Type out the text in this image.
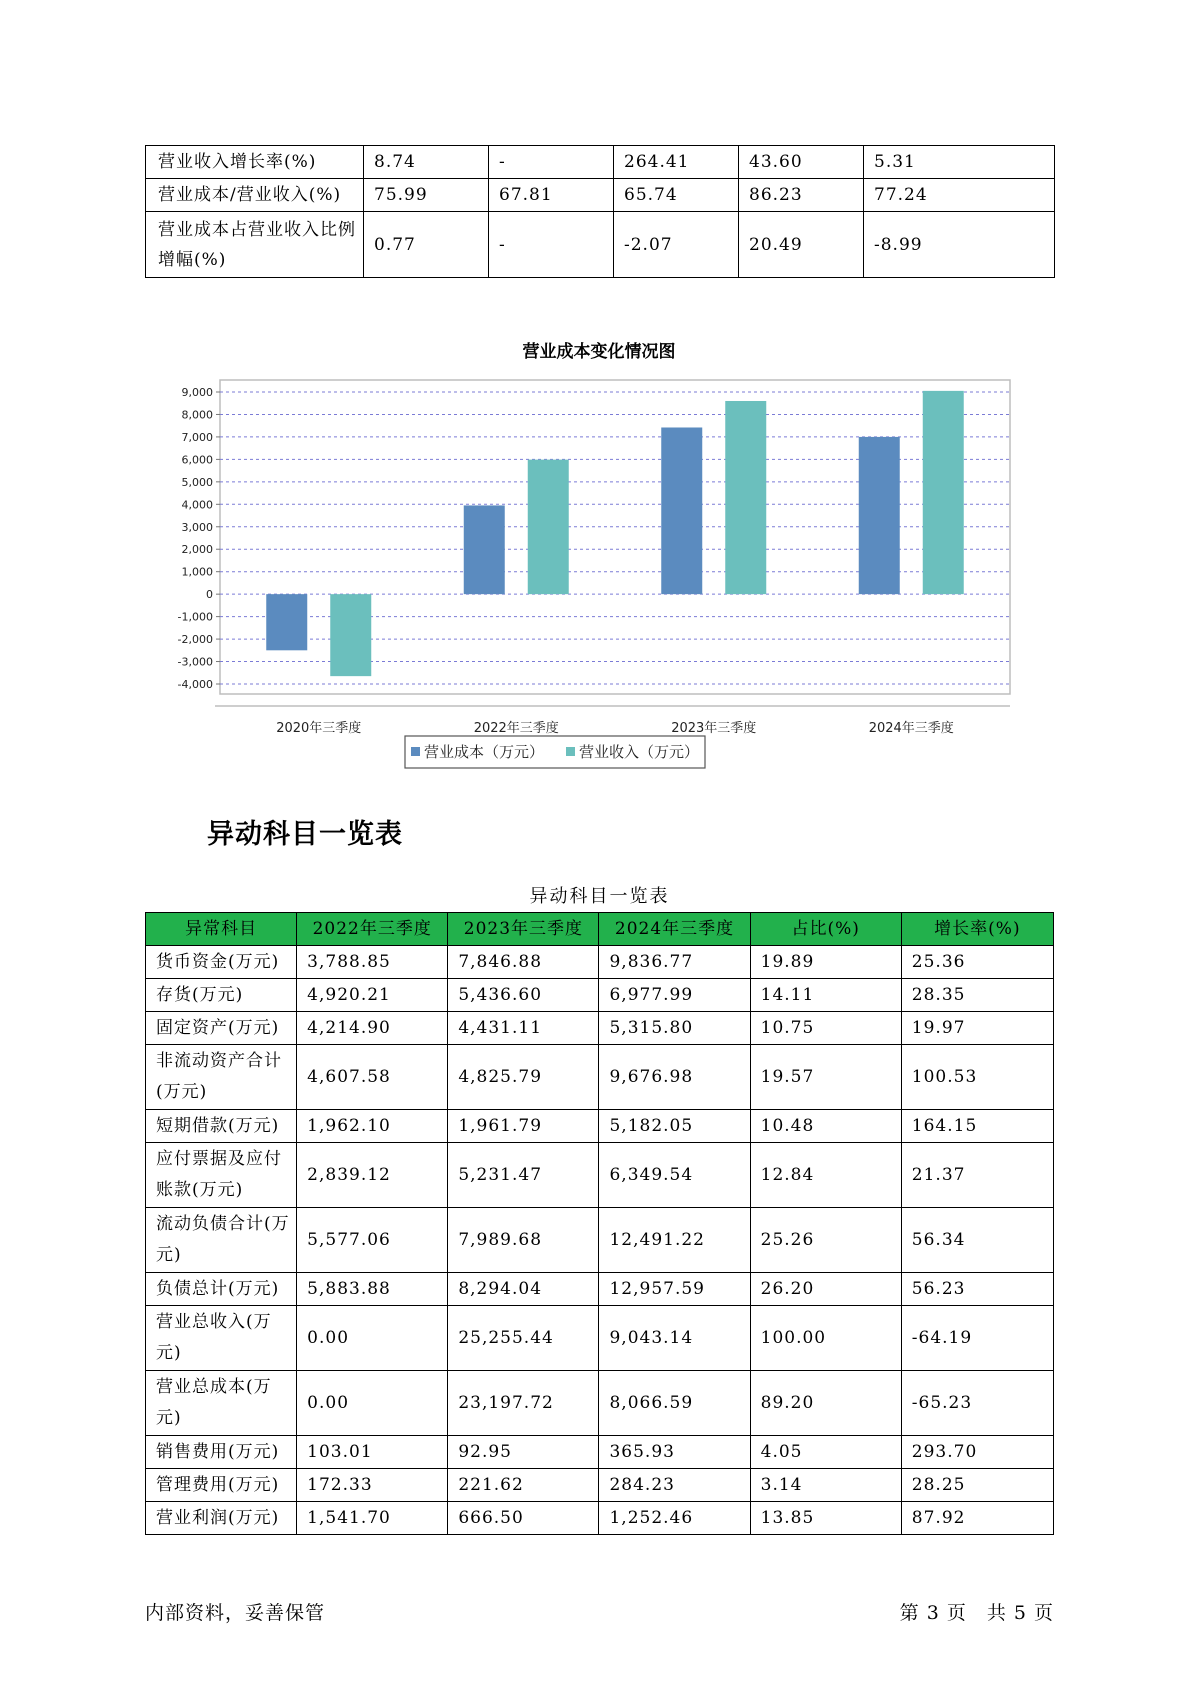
营业收入增长率(%)	8.74	-	264.41	43.60	5.31
营业成本/营业收入(%)	75.99	67.81	65.74	86.23	77.24
营业成本占营业收入比例增幅(%)	0.77	-	-2.07	20.49	-8.99
营业成本变化情况图
9,000
8,000
7,000
6,000
5,000
4,000
3,000
2,000
1,000
0
-1,000
-2,000
-3,000
-4,000
2020年三季度	2022年三季度	2023年三季度	2024年三季度
营业成本（万元） 营业收入（万元）
异动科目一览表
异动科目一览表
异常科目	2022年三季度	2023年三季度	2024年三季度	占比(%)	增长率(%)
货币资金(万元)	3,788.85	7,846.88	9,836.77	19.89	25.36
存货(万元)	4,920.21	5,436.60	6,977.99	14.11	28.35
固定资产(万元)	4,214.90	4,431.11	5,315.80	10.75	19.97
非流动资产合计(万元)	4,607.58	4,825.79	9,676.98	19.57	100.53
短期借款(万元)	1,962.10	1,961.79	5,182.05	10.48	164.15
应付票据及应付账款(万元)	2,839.12	5,231.47	6,349.54	12.84	21.37
流动负债合计(万元)	5,577.06	7,989.68	12,491.22	25.26	56.34
负债总计(万元)	5,883.88	8,294.04	12,957.59	26.20	56.23
营业总收入(万元)	0.00	25,255.44	9,043.14	100.00	-64.19
营业总成本(万元)	0.00	23,197.72	8,066.59	89.20	-65.23
销售费用(万元)	103.01	92.95	365.93	4.05	293.70
管理费用(万元)	172.33	221.62	284.23	3.14	28.25
营业利润(万元)	1,541.70	666.50	1,252.46	13.85	87.92
内部资料，妥善保管	第 3 页　共 5 页
